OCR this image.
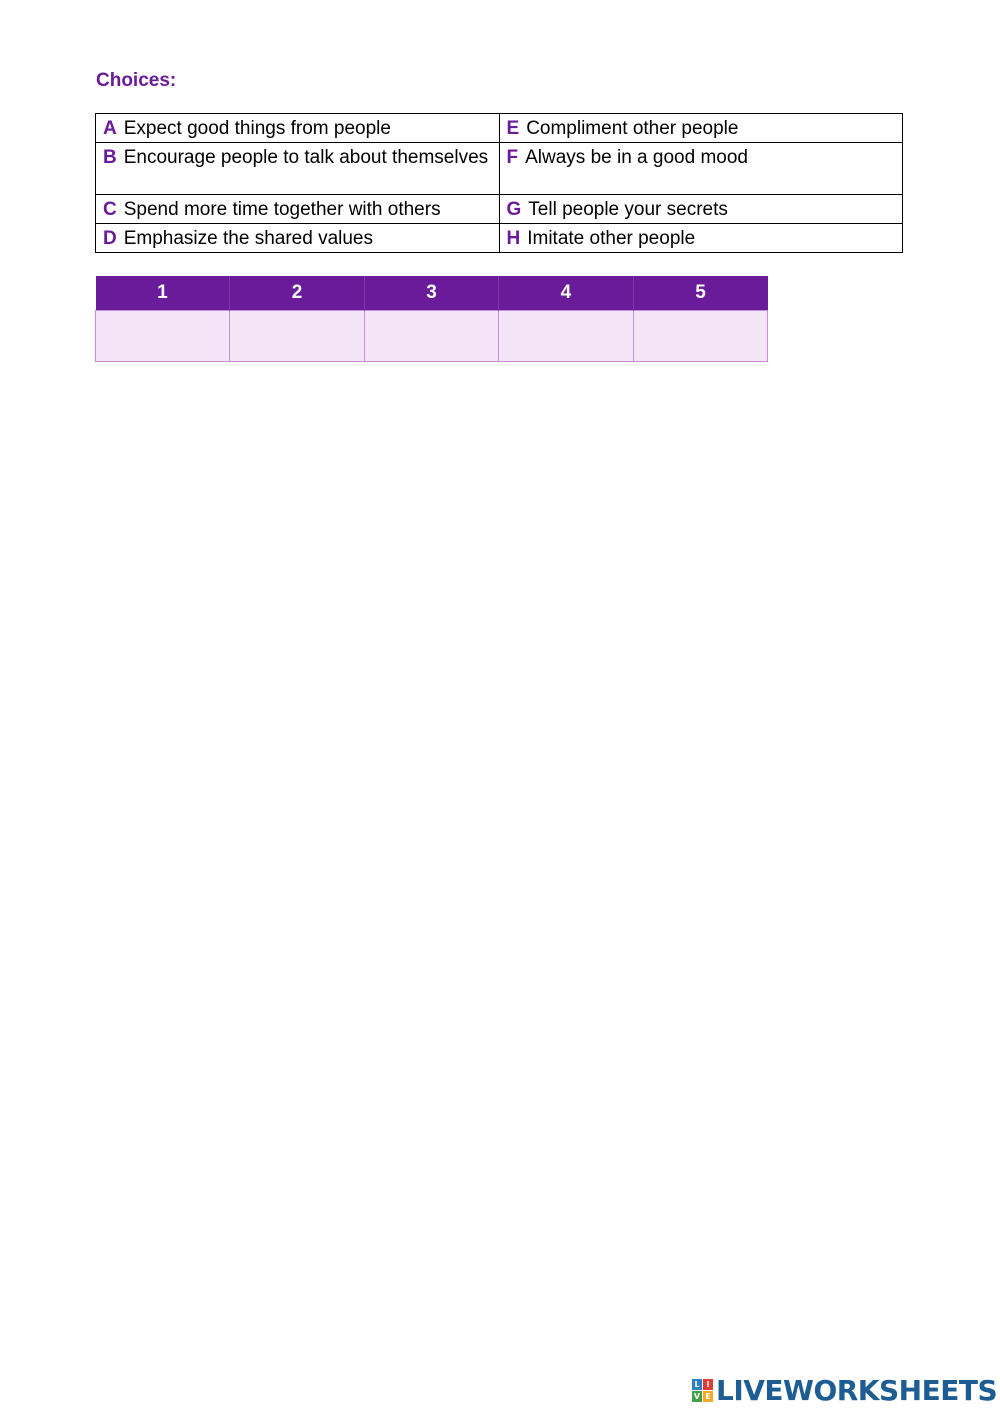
Choices:
A Expect good things from people	E Compliment other people
B Encourage people to talk about themselves	F Always be in a good mood
C Spend more time together with others	G Tell people your secrets
D Emphasize the shared values	H Imitate other people
1	2	3	4	5

L I
V E LIVEWORKSHEETS
